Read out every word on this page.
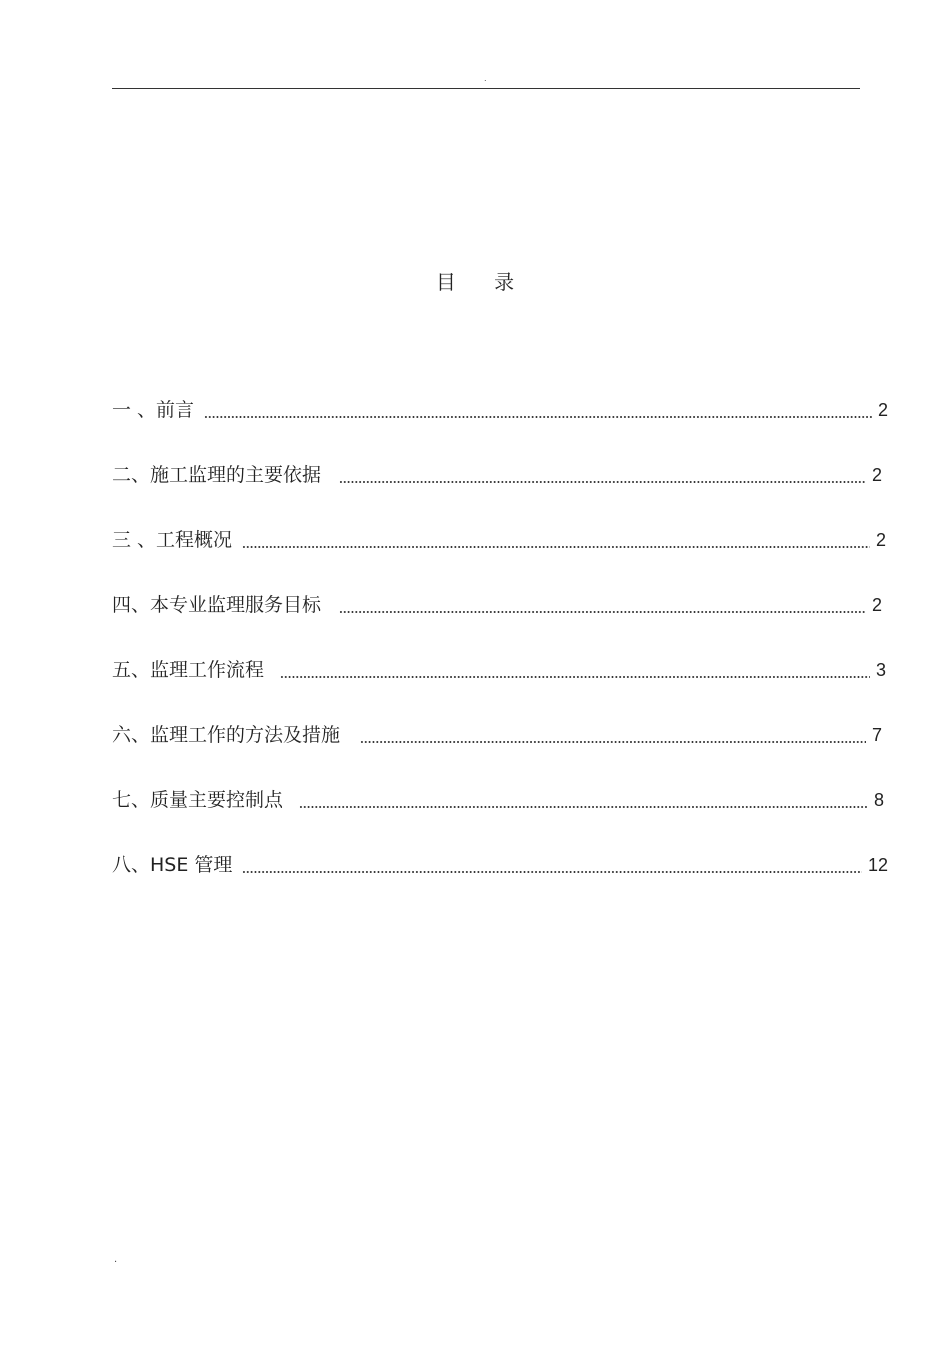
.
目 录
一 、前言	2
二、施工监理的主要依据	2
三 、工程概况	2
四、本专业监理服务目标	2
五、监理工作流程	3
六、监理工作的方法及措施	7
七、质量主要控制点	8
八、HSE 管理	12
.
